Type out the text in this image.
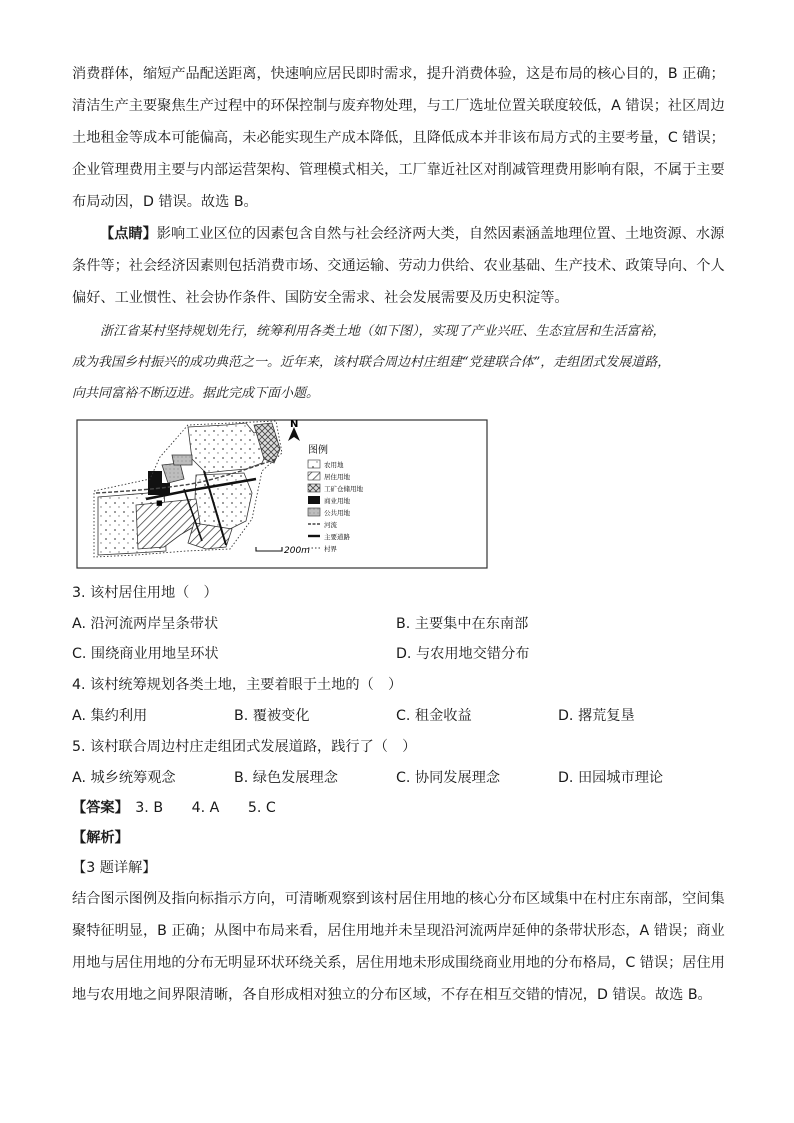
消费群体，缩短产品配送距离，快速响应居民即时需求，提升消费体验，这是布局的核心目的，B 正确；

清洁生产主要聚焦生产过程中的环保控制与废弃物处理，与工厂选址位置关联度较低，A 错误；社区周边

土地租金等成本可能偏高，未必能实现生产成本降低，且降低成本并非该布局方式的主要考量，C 错误；

企业管理费用主要与内部运营架构、管理模式相关，工厂靠近社区对削减管理费用影响有限，不属于主要

布局动因，D 错误。故选 B。

【点睛】影响工业区位的因素包含自然与社会经济两大类，自然因素涵盖地理位置、土地资源、水源

条件等；社会经济因素则包括消费市场、交通运输、劳动力供给、农业基础、生产技术、政策导向、个人

偏好、工业惯性、社会协作条件、国防安全需求、社会发展需要及历史积淀等。

浙江省某村坚持规划先行，统筹利用各类土地（如下图），实现了产业兴旺、生态宜居和生活富裕，

成为我国乡村振兴的成功典范之一。近年来，该村联合周边村庄组建“党建联合体”，走组团式发展道路，

向共同富裕不断迈进。据此完成下面小题。

■
N
200m
图例
农用地
居住用地
工矿仓储用地
商业用地
公共用地
河流
主要道路
村界
3. 该村居住用地（　）
A. 沿河流两岸呈条带状	B. 主要集中在东南部
C. 围绕商业用地呈环状	D. 与农用地交错分布
4. 该村统筹规划各类土地，主要着眼于土地的（　）
A. 集约利用	B. 覆被变化	C. 租金收益	D. 撂荒复垦
5. 该村联合周边村庄走组团式发展道路，践行了（　）
A. 城乡统筹观念	B. 绿色发展理念	C. 协同发展理念	D. 田园城市理论
【答案】 3. B 4. A 5. C
【解析】
【3 题详解】

结合图示图例及指向标指示方向，可清晰观察到该村居住用地的核心分布区域集中在村庄东南部，空间集

聚特征明显，B 正确；从图中布局来看，居住用地并未呈现沿河流两岸延伸的条带状形态，A 错误；商业

用地与居住用地的分布无明显环状环绕关系，居住用地未形成围绕商业用地的分布格局，C 错误；居住用

地与农用地之间界限清晰，各自形成相对独立的分布区域，不存在相互交错的情况，D 错误。故选 B。
